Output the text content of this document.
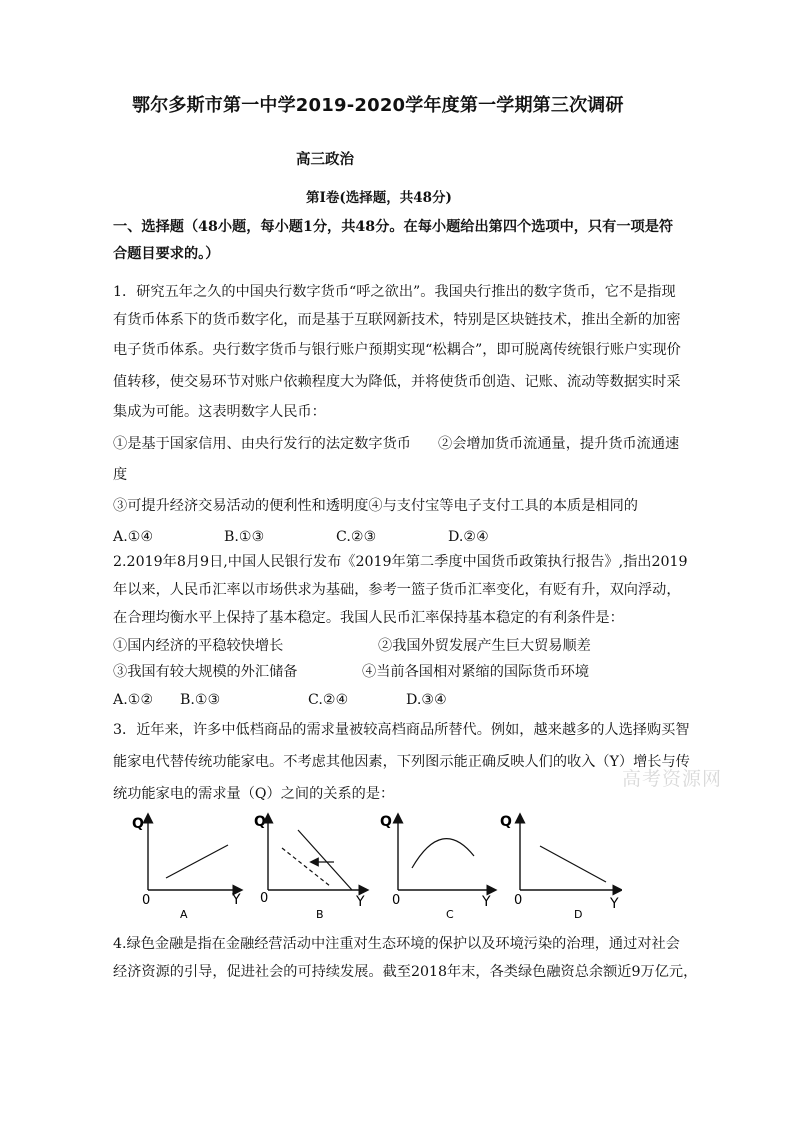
鄂尔多斯市第一中学2019-2020学年度第一学期第三次调研
高三政治
第Ⅰ卷(选择题，共48分)
一、选择题（48小题，每小题1分，共48分。在每小题给出第四个选项中，只有一项是符
合题目要求的。）
1．研究五年之久的中国央行数字货币“呼之欲出”。我国央行推出的数字货币，它不是指现
有货币体系下的货币数字化，而是基于互联网新技术，特别是区块链技术，推出全新的加密
电子货币体系。央行数字货币与银行账户预期实现“松耦合”，即可脱离传统银行账户实现价
值转移，使交易环节对账户依赖程度大为降低，并将使货币创造、记账、流动等数据实时采
集成为可能。这表明数字人民币：
①是基于国家信用、由央行发行的法定数字货币 ②会增加货币流通量，提升货币流通速
度
③可提升经济交易活动的便利性和透明度④与支付宝等电子支付工具的本质是相同的
A.①④	B.①③	C.②③	D.②④
2.2019年8月9日,中国人民银行发布《2019年第二季度中国货币政策执行报告》,指出2019
年以来，人民币汇率以市场供求为基础，参考一篮子货币汇率变化，有贬有升，双向浮动，
在合理均衡水平上保持了基本稳定。我国人民币汇率保持基本稳定的有利条件是：
①国内经济的平稳较快增长	②我国外贸发展产生巨大贸易顺差
③我国有较大规模的外汇储备	④当前各国相对紧缩的国际货币环境
A.①② B.①③	C.②④	D.③④
3．近年来，许多中低档商品的需求量被较高档商品所替代。例如，越来越多的人选择购买智
能家电代替传统功能家电。不考虑其他因素，下列图示能正确反映人们的收入（Y）增长与传
统功能家电的需求量（Q）之间的关系的是：
高考资源网
Q
0	Y
A
Q
0	Y
B
Q
0	Y
C
Q
0	Y
D
4.绿色金融是指在金融经营活动中注重对生态环境的保护以及环境污染的治理，通过对社会
经济资源的引导，促进社会的可持续发展。截至2018年末，各类绿色融资总余额近9万亿元，
